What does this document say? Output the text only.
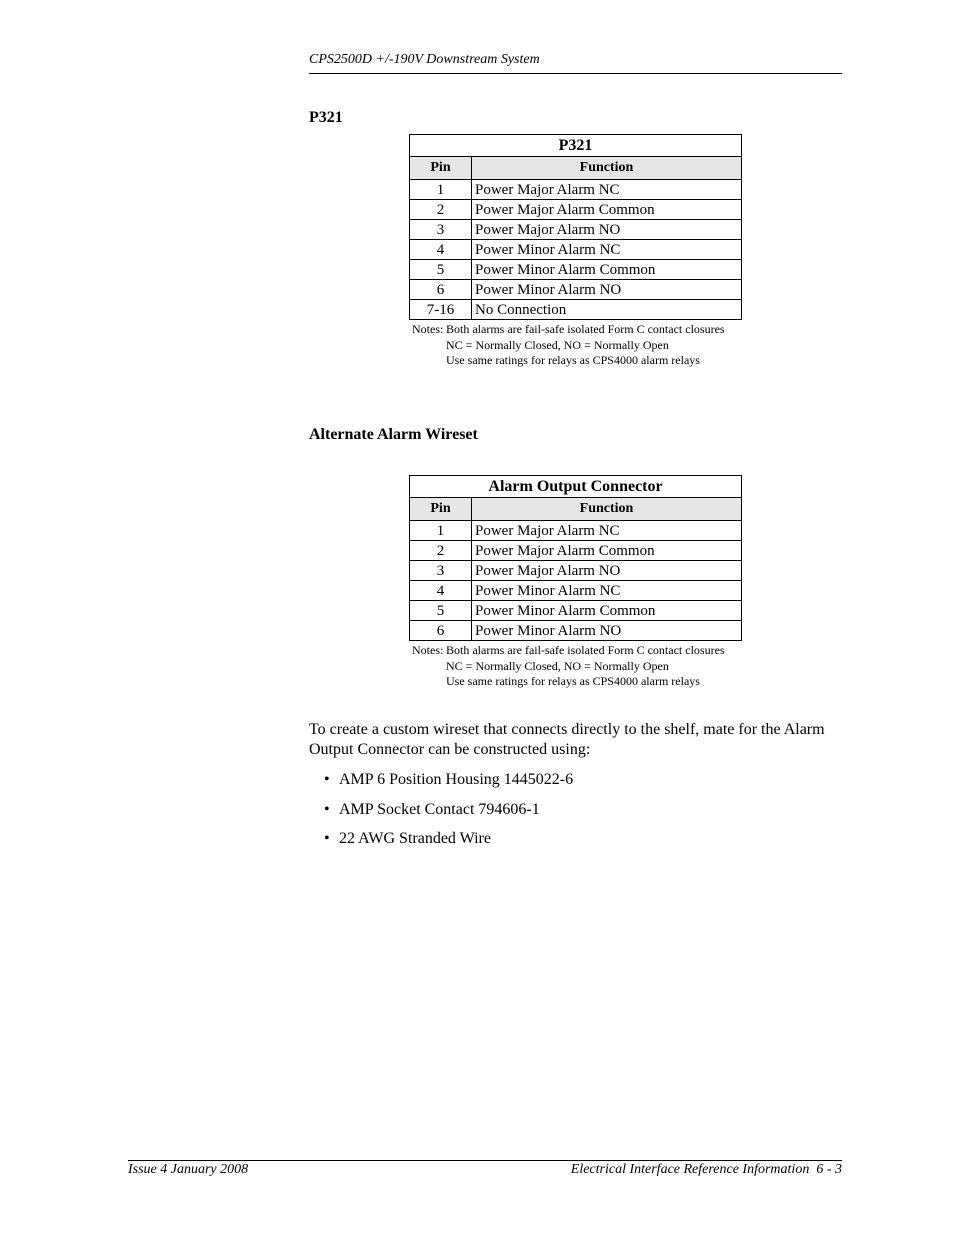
CPS2500D +/-190V Downstream System
P321
P321	
Pin	Function
1	Power Major Alarm NC
2	Power Major Alarm Common
3	Power Major Alarm NO
4	Power Minor Alarm NC
5	Power Minor Alarm Common
6	Power Minor Alarm NO
7-16	No Connection
Notes: Both alarms are fail-safe isolated Form C contact closures
NC = Normally Closed, NO = Normally Open
Use same ratings for relays as CPS4000 alarm relays
Alternate Alarm Wireset
Alarm Output Connector	
Pin	Function
1	Power Major Alarm NC
2	Power Major Alarm Common
3	Power Major Alarm NO
4	Power Minor Alarm NC
5	Power Minor Alarm Common
6	Power Minor Alarm NO
Notes: Both alarms are fail-safe isolated Form C contact closures
NC = Normally Closed, NO = Normally Open
Use same ratings for relays as CPS4000 alarm relays
To create a custom wireset that connects directly to the shelf, mate for the Alarm Output Connector can be constructed using:
• AMP 6 Position Housing 1445022-6
• AMP Socket Contact 794606-1
• 22 AWG Stranded Wire
Issue 4 January 2008	Electrical Interface Reference Information  6 - 3
